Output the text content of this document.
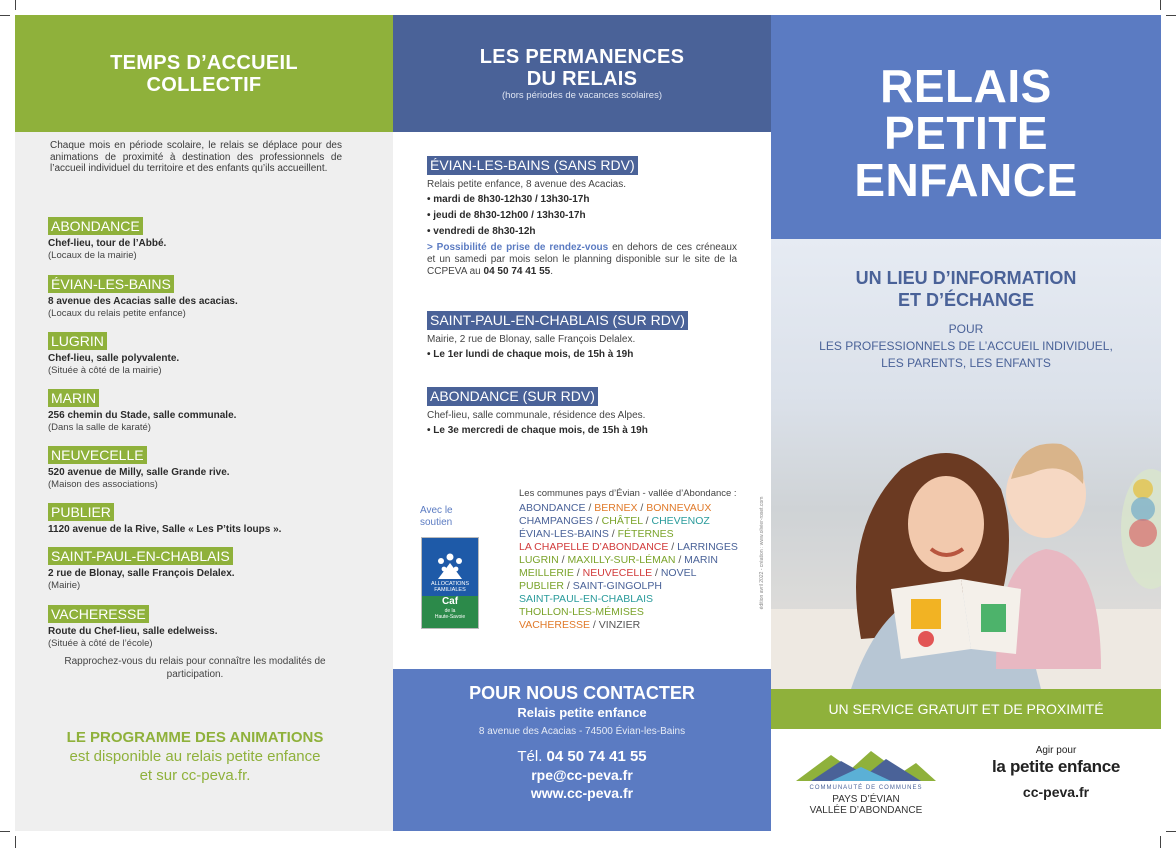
TEMPS D’ACCUEIL
COLLECTIF

Chaque mois en période scolaire, le relais se déplace pour des animations de proximité à destination des professionnels de l’accueil individuel du territoire et des enfants qu’ils accueillent.

ABONDANCE
Chef-lieu, tour de l’Abbé.
(Locaux de la mairie)
ÉVIAN-LES-BAINS
8 avenue des Acacias salle des acacias.
(Locaux du relais petite enfance)
LUGRIN
Chef-lieu, salle polyvalente.
(Située à côté de la mairie)
MARIN
256 chemin du Stade, salle communale.
(Dans la salle de karaté)
NEUVECELLE
520 avenue de Milly, salle Grande rive.
(Maison des associations)
PUBLIER
1120 avenue de la Rive, Salle « Les P’tits loups ».
SAINT-PAUL-EN-CHABLAIS
2 rue de Blonay, salle François Delalex.
(Mairie)
VACHERESSE
Route du Chef-lieu, salle edelweiss.
(Située à côté de l’école)

Rapprochez-vous du relais pour connaître les modalités de participation.

LE PROGRAMME DES ANIMATIONS
est disponible au relais petite enfance
et sur cc-peva.fr.
LES PERMANENCES
DU RELAIS
(hors périodes de vacances scolaires)
ÉVIAN-LES-BAINS (SANS RDV)
Relais petite enfance, 8 avenue des Acacias.
• mardi de 8h30-12h30 / 13h30-17h
• jeudi de 8h30-12h00 / 13h30-17h
• vendredi de 8h30-12h

> Possibilité de prise de rendez-vous en dehors de ces créneaux et un samedi par mois selon le planning disponible sur le site de la CCPEVA au 04 50 74 41 55.

SAINT-PAUL-EN-CHABLAIS (SUR RDV)
Mairie, 2 rue de Blonay, salle François Delalex.
• Le 1er lundi de chaque mois, de 15h à 19h
ABONDANCE (SUR RDV)
Chef-lieu, salle communale, résidence des Alpes.
• Le 3e mercredi de chaque mois, de 15h à 19h
Avec le
soutien
ALLOCATIONS FAMILIALES
Caf
de la
Haute-Savoie
Les communes pays d’Évian - vallée d’Abondance :
ABONDANCE / BERNEX / BONNEVAUX
CHAMPANGES / CHÂTEL / CHEVENOZ
ÉVIAN-LES-BAINS / FÉTERNES
LA CHAPELLE D’ABONDANCE / LARRINGES
LUGRIN / MAXILLY-SUR-LÉMAN / MARIN
MEILLERIE / NEUVECELLE / NOVEL
PUBLIER / SAINT-GINGOLPH
SAINT-PAUL-EN-CHABLAIS
THOLLON-LES-MÉMISES
VACHERESSE / VINZIER
édition avril 2022 - création : www.olivier-roset.com
POUR NOUS CONTACTER
Relais petite enfance
8 avenue des Acacias - 74500 Évian-les-Bains
Tél. 04 50 74 41 55
rpe@cc-peva.fr
www.cc-peva.fr
RELAIS
PETITE
ENFANCE
UN LIEU D’INFORMATION
ET D’ÉCHANGE
POUR
LES PROFESSIONNELS DE L’ACCUEIL INDIVIDUEL,
LES PARENTS, LES ENFANTS
UN SERVICE GRATUIT ET DE PROXIMITÉ
COMMUNAUTÉ DE COMMUNES
PAYS D’ÉVIAN
VALLÉE D’ABONDANCE
Agir pour
la petite enfance
cc-peva.fr
